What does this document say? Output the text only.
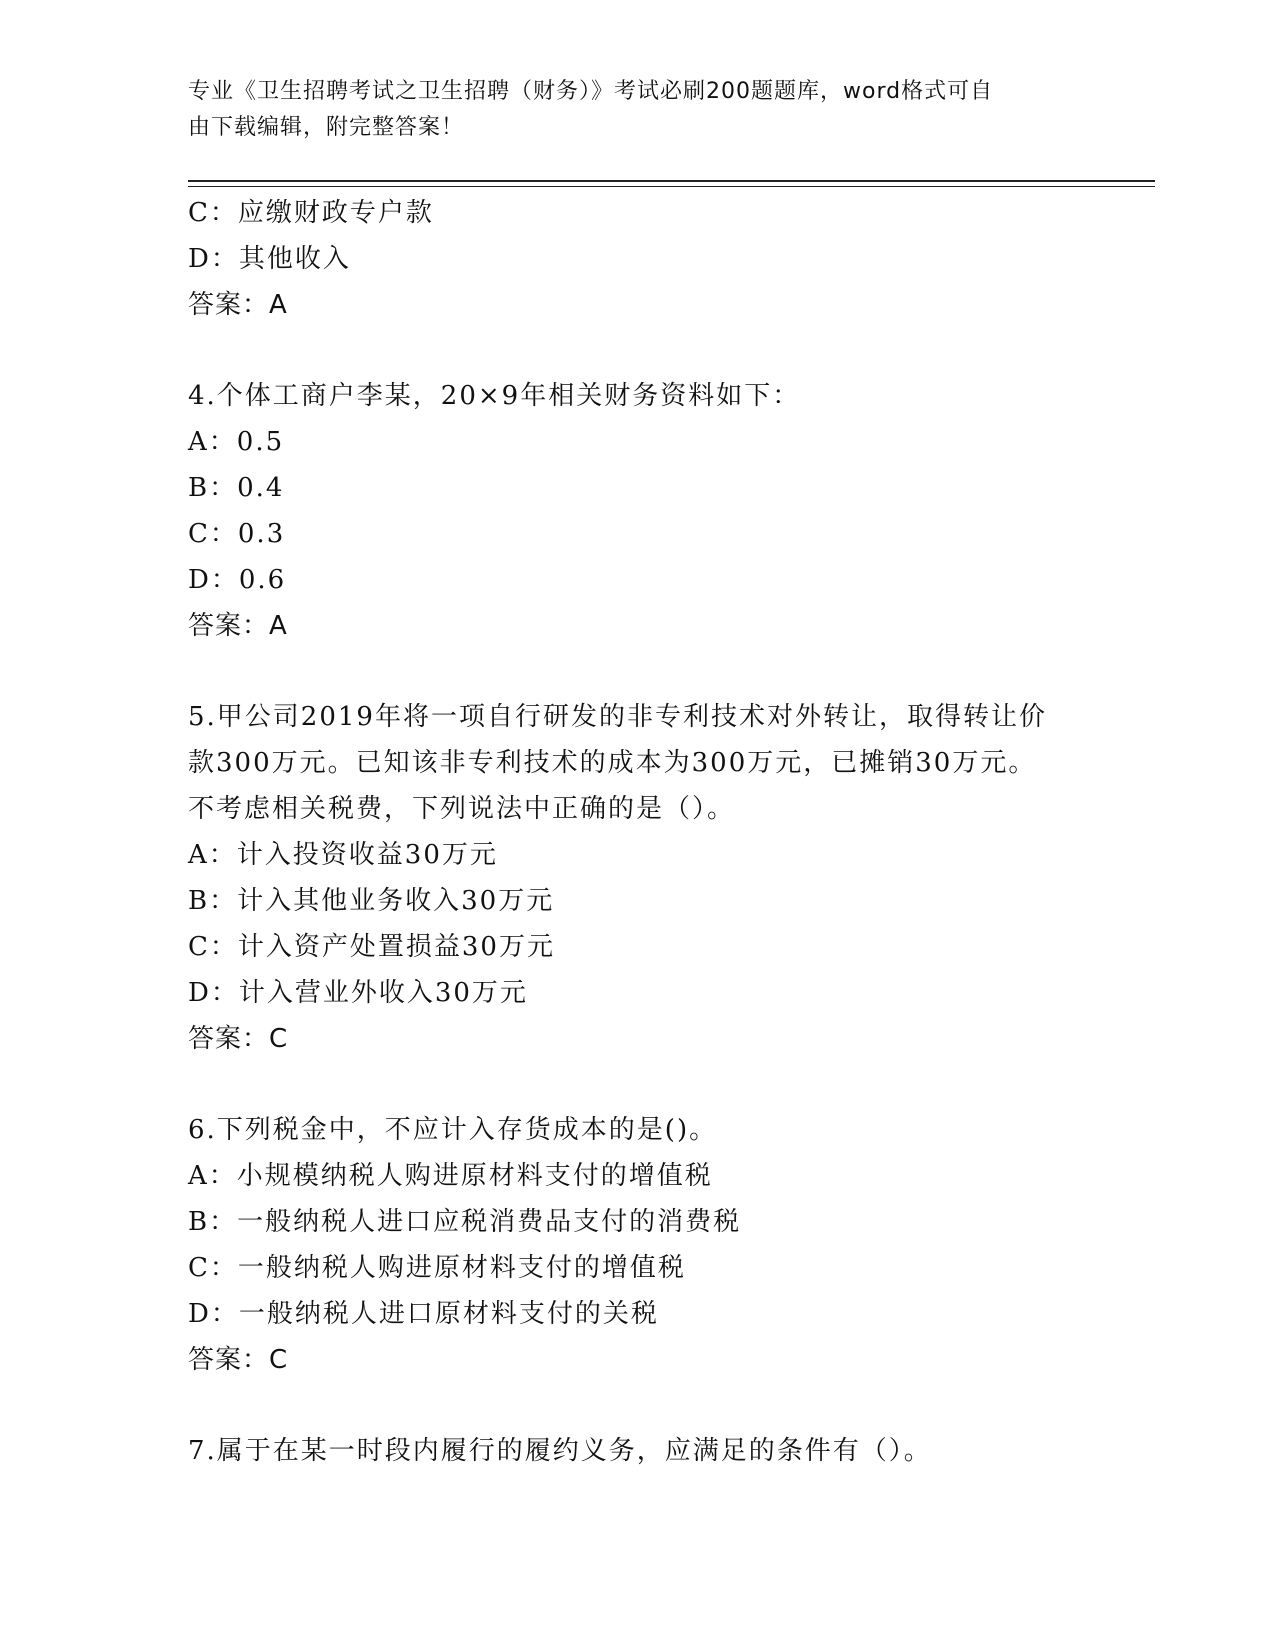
专业《卫生招聘考试之卫生招聘（财务）》考试必刷200题题库，word格式可自
由下载编辑，附完整答案！
C：应缴财政专户款
D：其他收入
答案：A
4.个体工商户李某，20×9年相关财务资料如下：
A：0.5
B：0.4
C：0.3
D：0.6
答案：A
5.甲公司2019年将一项自行研发的非专利技术对外转让，取得转让价
款300万元。已知该非专利技术的成本为300万元，已摊销30万元。
不考虑相关税费，下列说法中正确的是（）。
A：计入投资收益30万元
B：计入其他业务收入30万元
C：计入资产处置损益30万元
D：计入营业外收入30万元
答案：C
6.下列税金中，不应计入存货成本的是()。
A：小规模纳税人购进原材料支付的增值税
B：一般纳税人进口应税消费品支付的消费税
C：一般纳税人购进原材料支付的增值税
D：一般纳税人进口原材料支付的关税
答案：C
7.属于在某一时段内履行的履约义务，应满足的条件有（）。
